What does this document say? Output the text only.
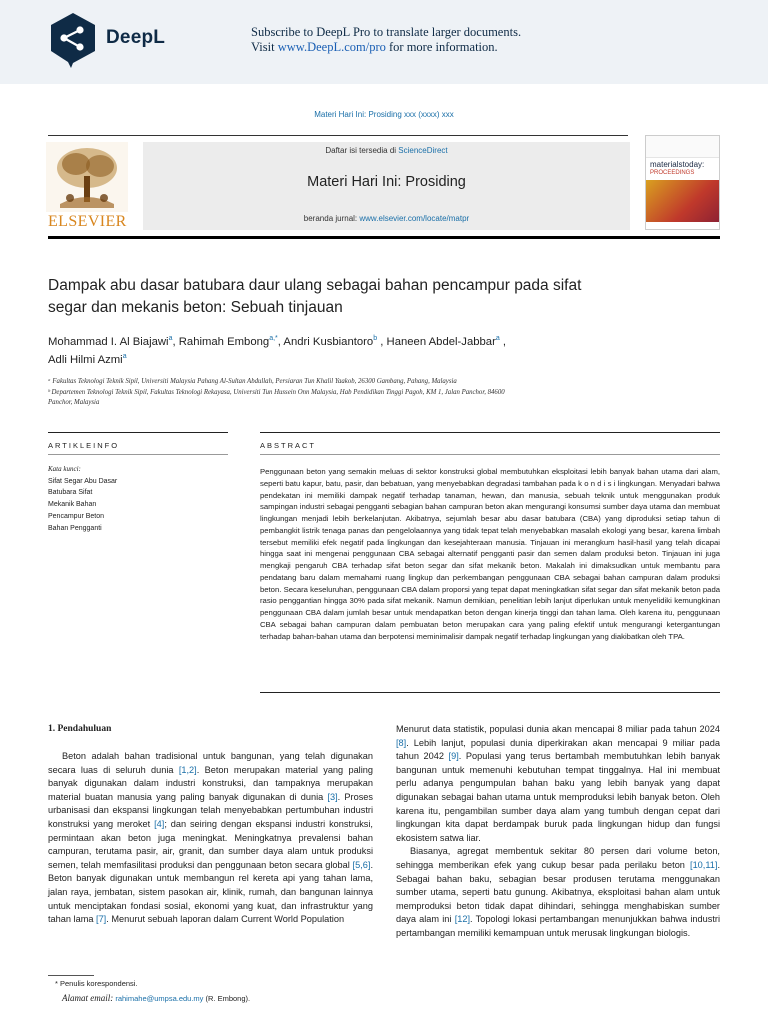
DeepL	Subscribe to DeepL Pro to translate larger documents.
Visit www.DeepL.com/pro for more information.
Materi Hari Ini: Prosiding xxx (xxxx) xxx
ELSEVIER
Daftar isi tersedia di ScienceDirect
Materi Hari Ini: Prosiding
beranda jurnal: www.elsevier.com/locate/matpr
materialstoday:
PROCEEDINGS
Dampak abu dasar batubara daur ulang sebagai bahan pencampur pada sifat
segar dan mekanis beton: Sebuah tinjauan
Mohammad I. Al Biajawi$^a$, Rahimah Embong$^{a,*}$, Andri Kusbiantoro$^b$ , Haneen Abdel-Jabbar$^a$ ,
Adli Hilmi Azmi$^a$
ᵃ Fakultas Teknologi Teknik Sipil, Universiti Malaysia Pahang Al-Sultan Abdullah, Persiaran Tun Khalil Yaakob, 26300 Gambang, Pahang, Malaysia
ᵇ Departemen Teknologi Teknik Sipil, Fakultas Teknologi Rekayasa, Universiti Tun Hussein Onn Malaysia, Hab Pendidikan Tinggi Pagoh, KM 1, Jalan Panchor, 84600
Panchor, Malaysia
ARTIKLEINFO	ABSTRACT
Kata kunci:
Sifat Segar Abu Dasar
Batubara Sifat
Mekanik Bahan
Pencampur Beton
Bahan Pengganti
Penggunaan beton yang semakin meluas di sektor konstruksi global membutuhkan eksploitasi lebih banyak bahan utama dari alam, seperti batu kapur, batu, pasir, dan bebatuan, yang menyebabkan degradasi tambahan pada k o n d i s i lingkungan. Menyadari bahwa pendekatan ini memiliki dampak negatif terhadap tanaman, hewan, dan manusia, sebuah teknik untuk menggunakan produk sampingan industri sebagai pengganti sebagian bahan campuran beton akan mengurangi konsumsi sumber daya utama dan membuat lingkungan menjadi lebih berkelanjutan. Akibatnya, sejumlah besar abu dasar batubara (CBA) yang diproduksi setiap tahun di pembangkit listrik tenaga panas dan pengelolaannya yang tidak tepat telah menyebabkan masalah ekologi yang besar, karena limbah tersebut memiliki efek negatif pada lingkungan dan kesejahteraan manusia. Tinjauan ini merangkum hasil-hasil yang telah dicapai hingga saat ini mengenai penggunaan CBA sebagai alternatif pengganti pasir dan semen dalam produksi beton. Tinjauan ini juga mengkaji pengaruh CBA terhadap sifat beton segar dan sifat mekanik beton. Makalah ini dimaksudkan untuk membantu para pendatang baru dalam memahami ruang lingkup dan perkembangan penggunaan CBA sebagai bahan campuran dalam produksi beton. Secara keseluruhan, penggunaan CBA dalam proporsi yang tepat dapat meningkatkan sifat segar dan sifat mekanik beton pada rasio penggantian hingga 30% pada sifat mekanik. Namun demikian, penelitian lebih lanjut diperlukan untuk menyelidiki kemungkinan penggunaan CBA dalam jumlah besar untuk mendapatkan beton dengan kinerja tinggi dan tahan lama. Oleh karena itu, penggunaan CBA sebagai bahan campuran dalam pembuatan beton merupakan cara yang paling efektif untuk mengurangi ketergantungan terhadap bahan-bahan utama dan berpotensi meminimalisir dampak negatif terhadap lingkungan yang diakibatkan oleh TPA.
1. Pendahuluan

Beton adalah bahan tradisional untuk bangunan, yang telah digunakan secara luas di seluruh dunia [1,2]. Beton merupakan material yang paling banyak digunakan dalam industri konstruksi, dan tampaknya merupakan material buatan manusia yang paling banyak digunakan di dunia [3]. Proses urbanisasi dan ekspansi lingkungan telah menyebabkan pertumbuhan industri konstruksi yang meroket [4]; dan seiring dengan ekspansi industri konstruksi, permintaan akan beton juga meningkat. Meningkatnya prevalensi bahan campuran, terutama pasir, air, granit, dan sumber daya alam untuk produksi semen, telah memfasilitasi produksi dan penggunaan beton secara global [5,6]. Beton banyak digunakan untuk membangun rel kereta api yang tahan lama, jalan raya, jembatan, sistem pasokan air, klinik, rumah, dan bangunan lainnya untuk menciptakan fondasi sosial, ekonomi yang kuat, dan infrastruktur yang tahan lama [7]. Menurut sebuah laporan dalam Current World Population

Menurut data statistik, populasi dunia akan mencapai 8 miliar pada tahun 2024 [8]. Lebih lanjut, populasi dunia diperkirakan akan mencapai 9 miliar pada tahun 2042 [9]. Populasi yang terus bertambah membutuhkan lebih banyak bangunan untuk memenuhi kebutuhan tempat tinggalnya. Hal ini membuat perlu adanya pengumpulan bahan baku yang lebih banyak yang dapat digunakan sebagai bahan utama untuk memproduksi lebih banyak beton. Oleh karena itu, pengambilan sumber daya alam yang tumbuh dengan cepat dari lingkungan kita dapat berdampak buruk pada lingkungan hidup dan fungsi ekosistem satwa liar.

Biasanya, agregat membentuk sekitar 80 persen dari volume beton, sehingga memberikan efek yang cukup besar pada perilaku beton [10,11]. Sebagai bahan baku, sebagian besar produsen terutama menggunakan sumber utama, seperti batu gunung. Akibatnya, eksploitasi bahan alam untuk memproduksi beton tidak dapat dihindari, sehingga menghabiskan sumber daya alam ini [12]. Topologi lokasi pertambangan menunjukkan bahwa industri pertambangan memiliki kemampuan untuk merusak lingkungan biologis.

* Penulis korespondensi.
Alamat email: rahimahe@umpsa.edu.my (R. Embong).
